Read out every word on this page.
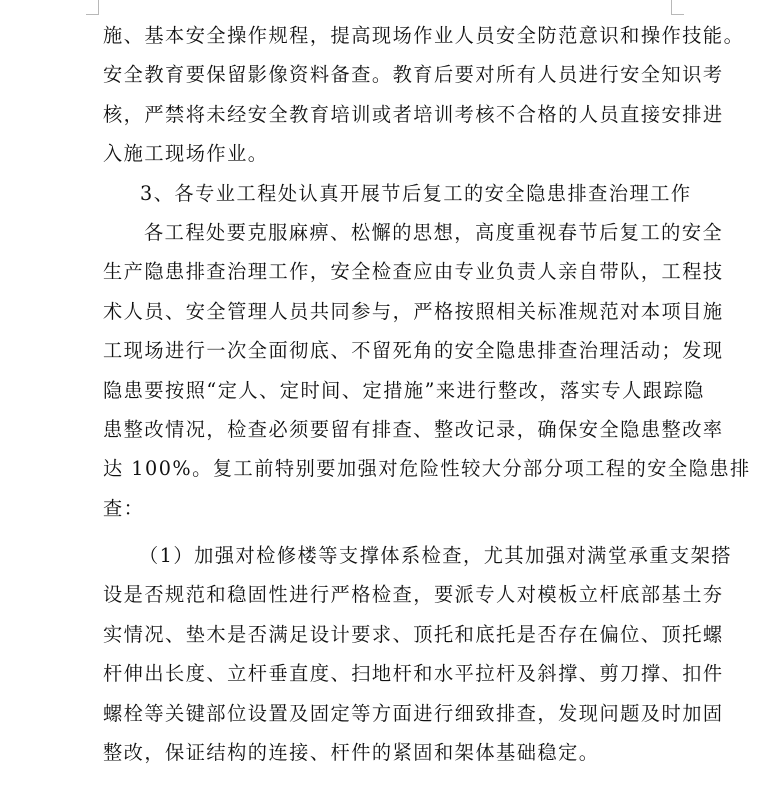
施、基本安全操作规程，提高现场作业人员安全防范意识和操作技能。
安全教育要保留影像资料备查。教育后要对所有人员进行安全知识考
核，严禁将未经安全教育培训或者培训考核不合格的人员直接安排进
入施工现场作业。
3、各专业工程处认真开展节后复工的安全隐患排查治理工作
各工程处要克服麻痹、松懈的思想，高度重视春节后复工的安全
生产隐患排查治理工作，安全检查应由专业负责人亲自带队，工程技
术人员、安全管理人员共同参与，严格按照相关标准规范对本项目施
工现场进行一次全面彻底、不留死角的安全隐患排查治理活动；发现
隐患要按照“定人、定时间、定措施”来进行整改，落实专人跟踪隐
患整改情况，检查必须要留有排查、整改记录，确保安全隐患整改率
达 100%。复工前特别要加强对危险性较大分部分项工程的安全隐患排
查：
（1）加强对检修楼等支撑体系检查，尤其加强对满堂承重支架搭
设是否规范和稳固性进行严格检查，要派专人对模板立杆底部基土夯
实情况、垫木是否满足设计要求、顶托和底托是否存在偏位、顶托螺
杆伸出长度、立杆垂直度、扫地杆和水平拉杆及斜撑、剪刀撑、扣件
螺栓等关键部位设置及固定等方面进行细致排查，发现问题及时加固
整改，保证结构的连接、杆件的紧固和架体基础稳定。
